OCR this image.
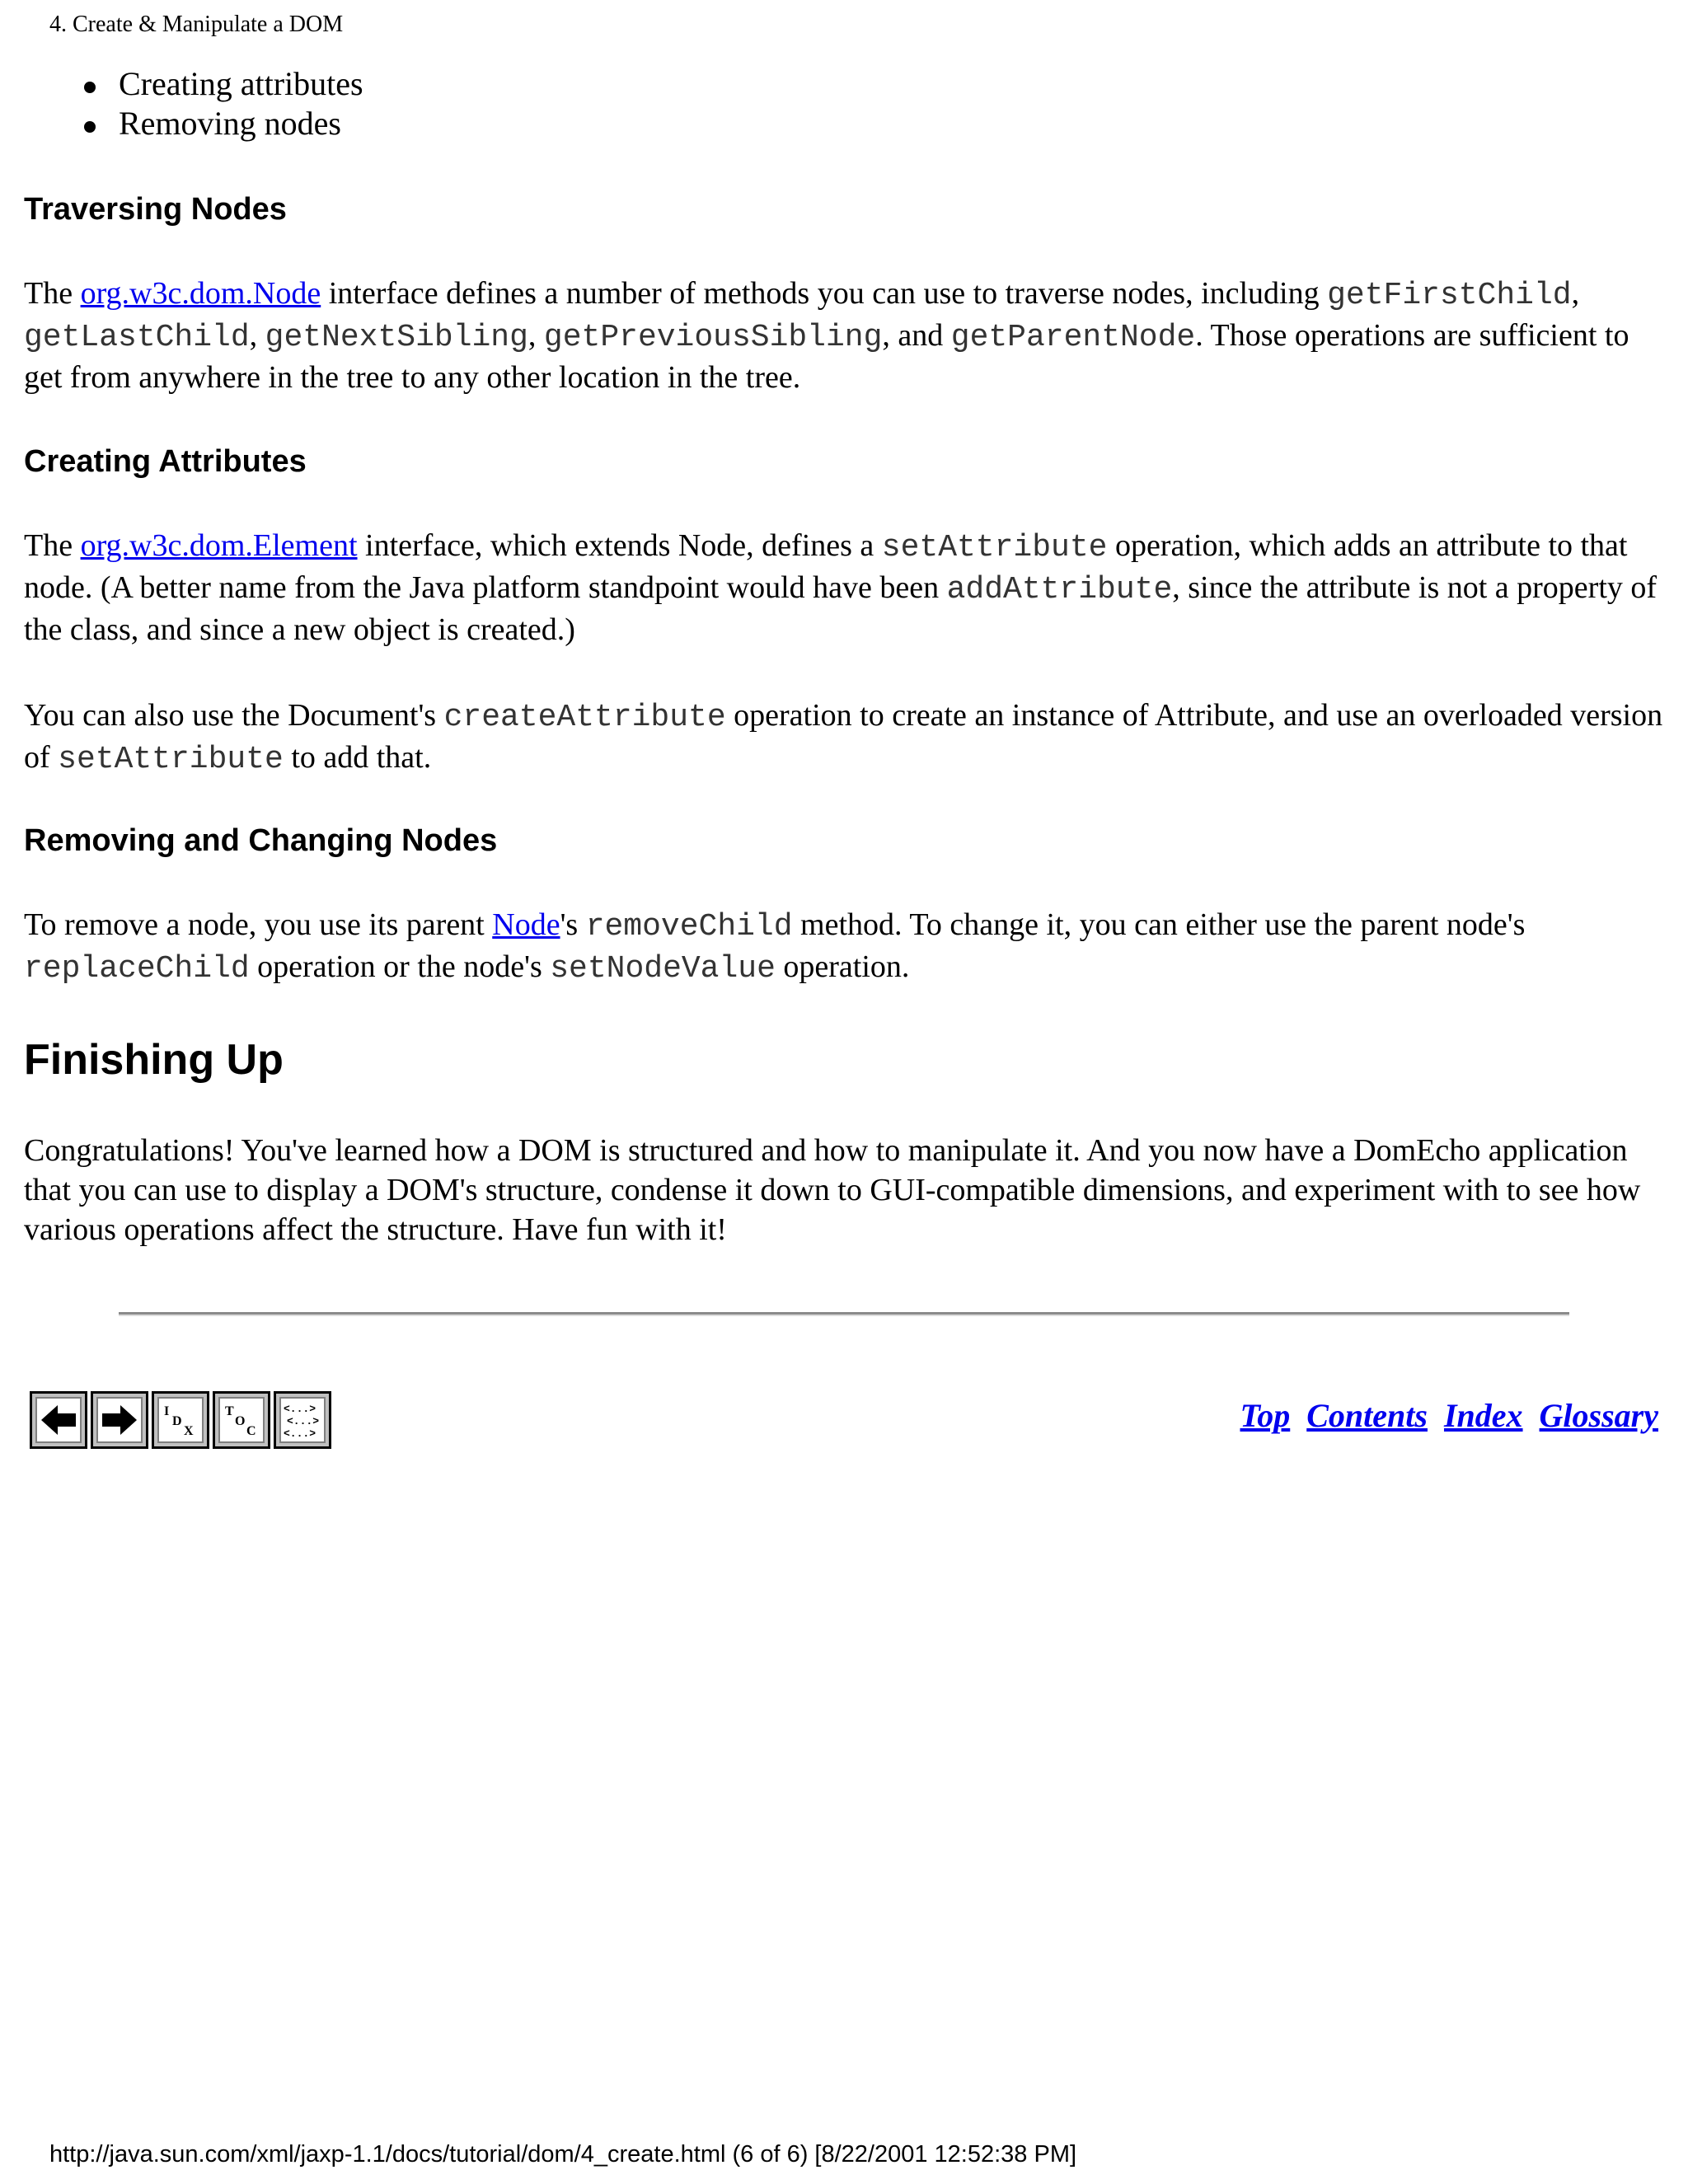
4. Create & Manipulate a DOM
Creating attributes
Removing nodes
Traversing Nodes

The org.w3c.dom.Node interface defines a number of methods you can use to traverse nodes, including getFirstChild, getLastChild, getNextSibling, getPreviousSibling, and getParentNode. Those operations are sufficient to get from anywhere in the tree to any other location in the tree.

Creating Attributes

The org.w3c.dom.Element interface, which extends Node, defines a setAttribute operation, which adds an attribute to that node. (A better name from the Java platform standpoint would have been addAttribute, since the attribute is not a property of the class, and since a new object is created.)

You can also use the Document's createAttribute operation to create an instance of Attribute, and use an overloaded version of setAttribute to add that.

Removing and Changing Nodes

To remove a node, you use its parent Node's removeChild method. To change it, you can either use the parent node's replaceChild operation or the node's setNodeValue operation.

Finishing Up

Congratulations! You've learned how a DOM is structured and how to manipulate it. And you now have a DomEcho application that you can use to display a DOM's structure, condense it down to GUI-compatible dimensions, and experiment with to see how various operations affect the structure. Have fun with it!

I
D
X
T
O
C
<...>
<...>
<...>	Top Contents Index Glossary
http://java.sun.com/xml/jaxp-1.1/docs/tutorial/dom/4_create.html (6 of 6) [8/22/2001 12:52:38 PM]
